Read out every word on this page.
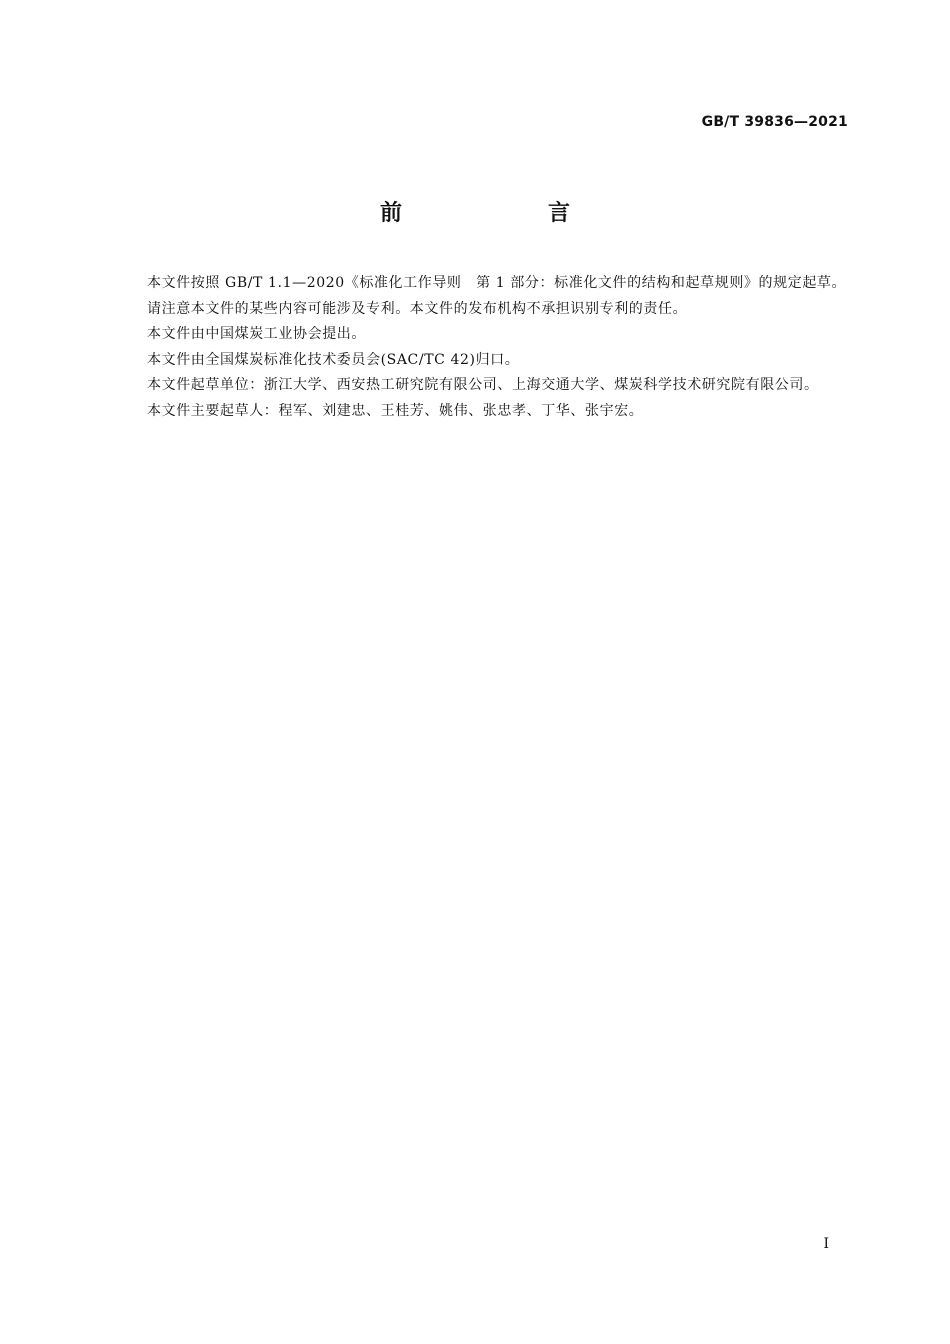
GB/T 39836—2021
前　言

本文件按照 GB/T 1.1—2020《标准化工作导则　第 1 部分：标准化文件的结构和起草规则》的规定起草。

请注意本文件的某些内容可能涉及专利。本文件的发布机构不承担识别专利的责任。

本文件由中国煤炭工业协会提出。

本文件由全国煤炭标准化技术委员会(SAC/TC 42)归口。

本文件起草单位：浙江大学、西安热工研究院有限公司、上海交通大学、煤炭科学技术研究院有限公司。

本文件主要起草人：程军、刘建忠、王桂芳、姚伟、张忠孝、丁华、张宇宏。

I
